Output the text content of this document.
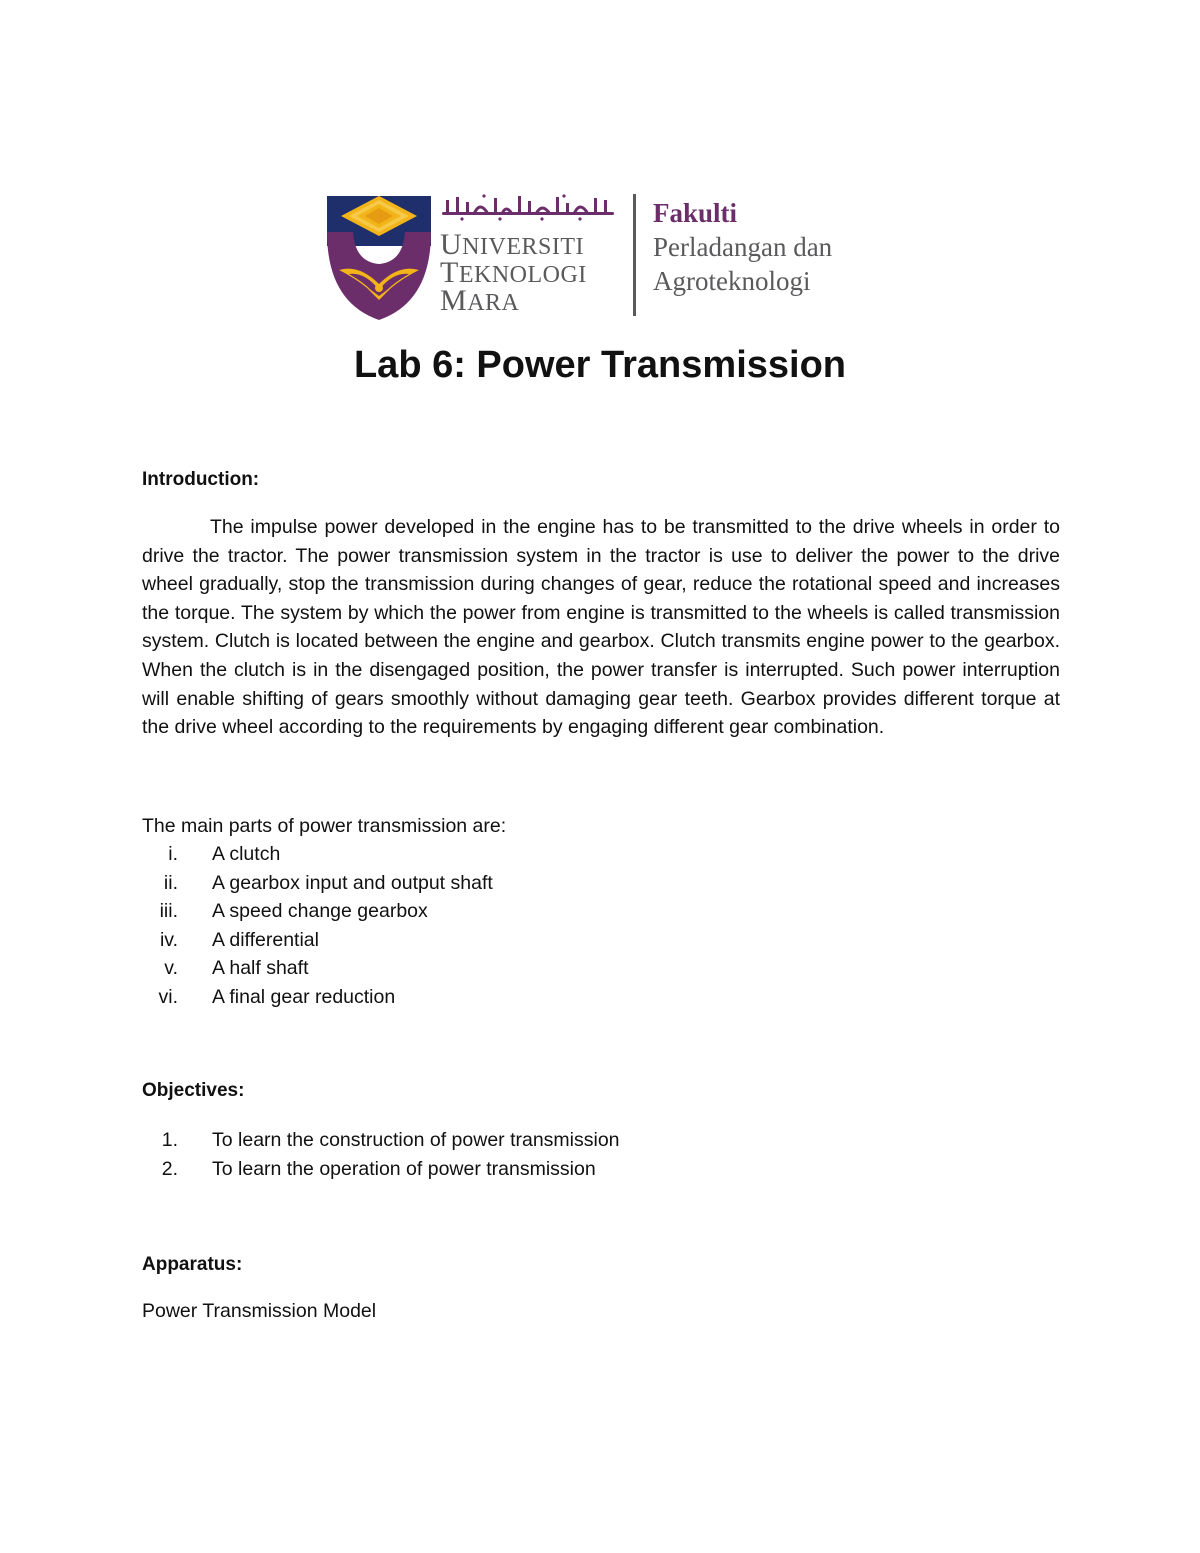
UNIVERSITI
TEKNOLOGI
MARA
Fakulti
Perladangan dan
Agroteknologi
Lab 6: Power Transmission
Introduction:

The impulse power developed in the engine has to be transmitted to the drive wheels in order to drive the tractor. The power transmission system in the tractor is use to deliver the power to the drive wheel gradually, stop the transmission during changes of gear, reduce the rotational speed and increases the torque. The system by which the power from engine is transmitted to the wheels is called transmission system. Clutch is located between the engine and gearbox. Clutch transmits engine power to the gearbox. When the clutch is in the disengaged position, the power transfer is interrupted. Such power interruption will enable shifting of gears smoothly without damaging gear teeth. Gearbox provides different torque at the drive wheel according to the requirements by engaging different gear combination.

The main parts of power transmission are:

i. A clutch
ii. A gearbox input and output shaft
iii. A speed change gearbox
iv. A differential
v. A half shaft
vi. A final gear reduction
Objectives:
1. To learn the construction of power transmission
2. To learn the operation of power transmission
Apparatus:

Power Transmission Model
